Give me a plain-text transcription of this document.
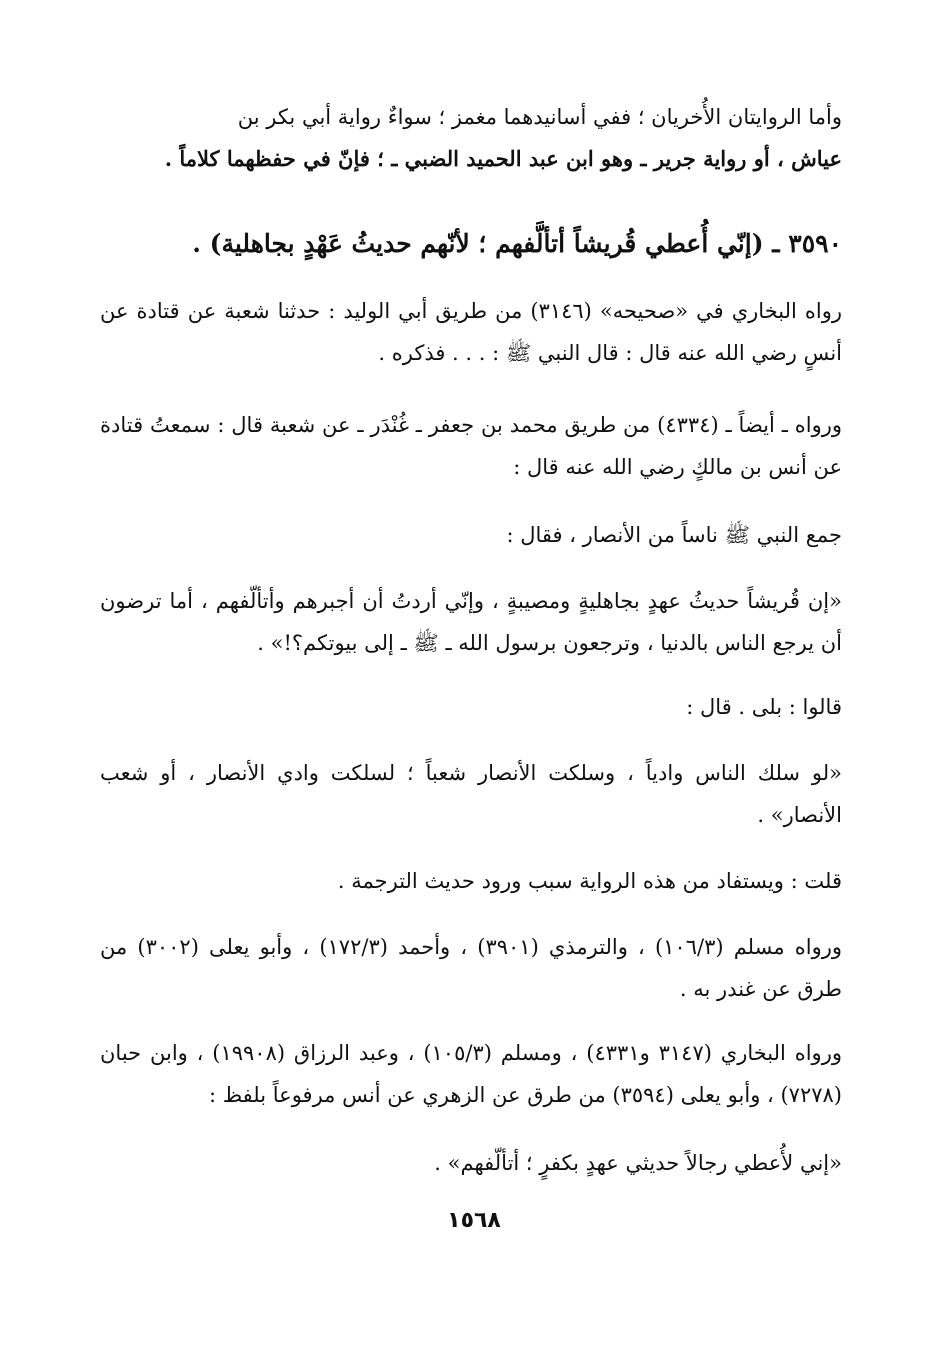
وأما الروايتان الأُخريان ؛ ففي أسانيدهما مغمز ؛ سواءٌ رواية أبي بكر بن
عياش ، أو رواية جرير ـ وهو ابن عبد الحميد الضبي ـ ؛ فإنّ في حفظهما كلاماً .
٣٥٩٠ ـ (إنّي أُعطي قُريشاً أتألَّفهم ؛ لأنّهم حديثُ عَهْدٍ بجاهلية) .
رواه البخاري في «صحيحه» (٣١٤٦) من طريق أبي الوليد : حدثنا شعبة عن قتادة عن أنسٍ رضي الله عنه قال : قال النبي ﷺ : . . . فذكره .
ورواه ـ أيضاً ـ (٤٣٣٤) من طريق محمد بن جعفر ـ غُنْدَر ـ عن شعبة قال : سمعتُ قتادة عن أنس بن مالكٍ رضي الله عنه قال :
جمع النبي ﷺ ناساً من الأنصار ، فقال :
«إن قُريشاً حديثُ عهدٍ بجاهليةٍ ومصيبةٍ ، وإنّي أردتُ أن أجبرهم وأتألّفهم ، أما ترضون أن يرجع الناس بالدنيا ، وترجعون برسول الله ـ ﷺ ـ إلى بيوتكم؟!» .
قالوا : بلى . قال :
«لو سلك الناس وادياً ، وسلكت الأنصار شعباً ؛ لسلكت وادي الأنصار ، أو شعب الأنصار» .
قلت : ويستفاد من هذه الرواية سبب ورود حديث الترجمة .
ورواه مسلم (١٠٦/٣) ، والترمذي (٣٩٠١) ، وأحمد (١٧٢/٣) ، وأبو يعلى (٣٠٠٢) من طرق عن غندر به .
ورواه البخاري (٣١٤٧ و٤٣٣١) ، ومسلم (١٠٥/٣) ، وعبد الرزاق (١٩٩٠٨) ، وابن حبان (٧٢٧٨) ، وأبو يعلى (٣٥٩٤) من طرق عن الزهري عن أنس مرفوعاً بلفظ :
«إني لأُعطي رجالاً حديثي عهدٍ بكفرٍ ؛ أتألّفهم» .
١٥٦٨
